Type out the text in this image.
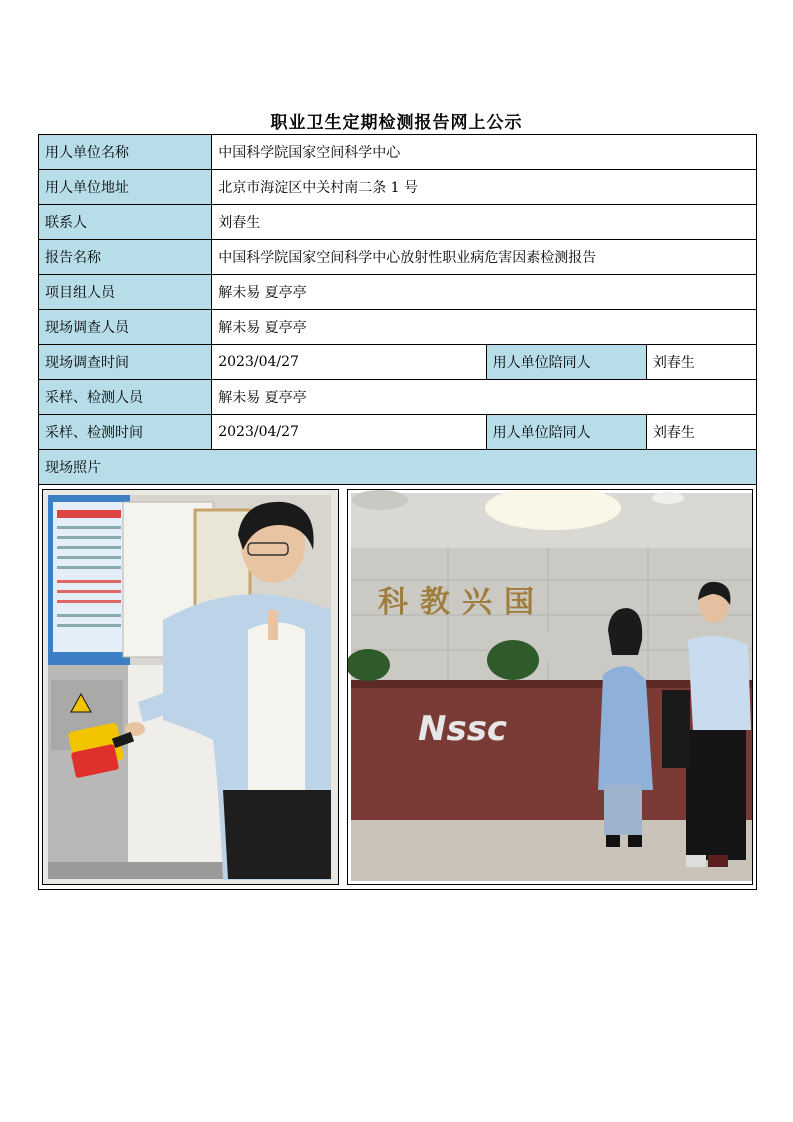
职业卫生定期检测报告网上公示
用人单位名称	中国科学院国家空间科学中心		
用人单位地址	北京市海淀区中关村南二条 1 号		
联系人	刘春生		
报告名称	中国科学院国家空间科学中心放射性职业病危害因素检测报告		
项目组人员	解未易 夏亭亭		
现场调查人员	解未易 夏亭亭		
现场调查时间	2023/04/27	用人单位陪同人	刘春生
采样、检测人员	解未易 夏亭亭		
采样、检测时间	2023/04/27	用人单位陪同人	刘春生
现场照片			

科教兴国
Nssc			
